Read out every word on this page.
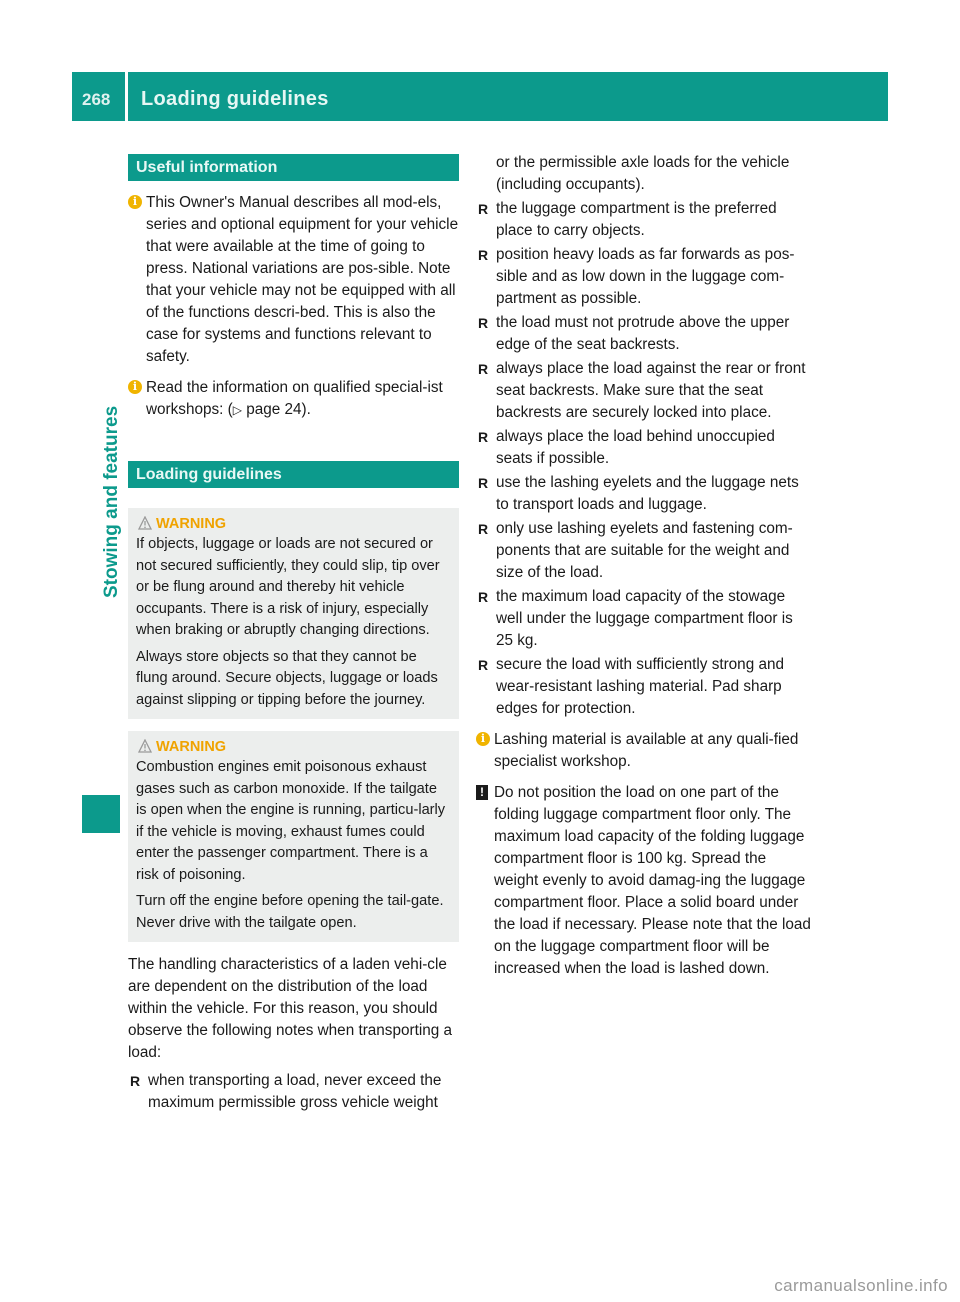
268	Loading guidelines
Stowing and features
Useful information
i This Owner's Manual describes all mod-els, series and optional equipment for your vehicle that were available at the time of going to press. National variations are pos-sible. Note that your vehicle may not be equipped with all of the functions descri-bed. This is also the case for systems and functions relevant to safety.

i Read the information on qualified special-ist workshops: (▷ page 24).

Loading guidelines
WARNING

If objects, luggage or loads are not secured or not secured sufficiently, they could slip, tip over or be flung around and thereby hit vehicle occupants. There is a risk of injury, especially when braking or abruptly changing directions.

Always store objects so that they cannot be flung around. Secure objects, luggage or loads against slipping or tipping before the journey.

WARNING

Combustion engines emit poisonous exhaust gases such as carbon monoxide. If the tailgate is open when the engine is running, particu-larly if the vehicle is moving, exhaust fumes could enter the passenger compartment. There is a risk of poisoning.

Turn off the engine before opening the tail-gate. Never drive with the tailgate open.

The handling characteristics of a laden vehi-cle are dependent on the distribution of the load within the vehicle. For this reason, you should observe the following notes when transporting a load:

R when transporting a load, never exceed the maximum permissible gross vehicle weight

or the permissible axle loads for the vehicle (including occupants).

R the luggage compartment is the preferred place to carry objects.

R position heavy loads as far forwards as pos-sible and as low down in the luggage com-partment as possible.

R the load must not protrude above the upper edge of the seat backrests.

R always place the load against the rear or front seat backrests. Make sure that the seat backrests are securely locked into place.

R always place the load behind unoccupied seats if possible.

R use the lashing eyelets and the luggage nets to transport loads and luggage.

R only use lashing eyelets and fastening com-ponents that are suitable for the weight and size of the load.

R the maximum load capacity of the stowage well under the luggage compartment floor is 25 kg.

R secure the load with sufficiently strong and wear-resistant lashing material. Pad sharp edges for protection.

i Lashing material is available at any quali-fied specialist workshop.

! Do not position the load on one part of the folding luggage compartment floor only. The maximum load capacity of the folding luggage compartment floor is 100 kg. Spread the weight evenly to avoid damag-ing the luggage compartment floor. Place a solid board under the load if necessary. Please note that the load on the luggage compartment floor will be increased when the load is lashed down.

carmanualsonline.info
